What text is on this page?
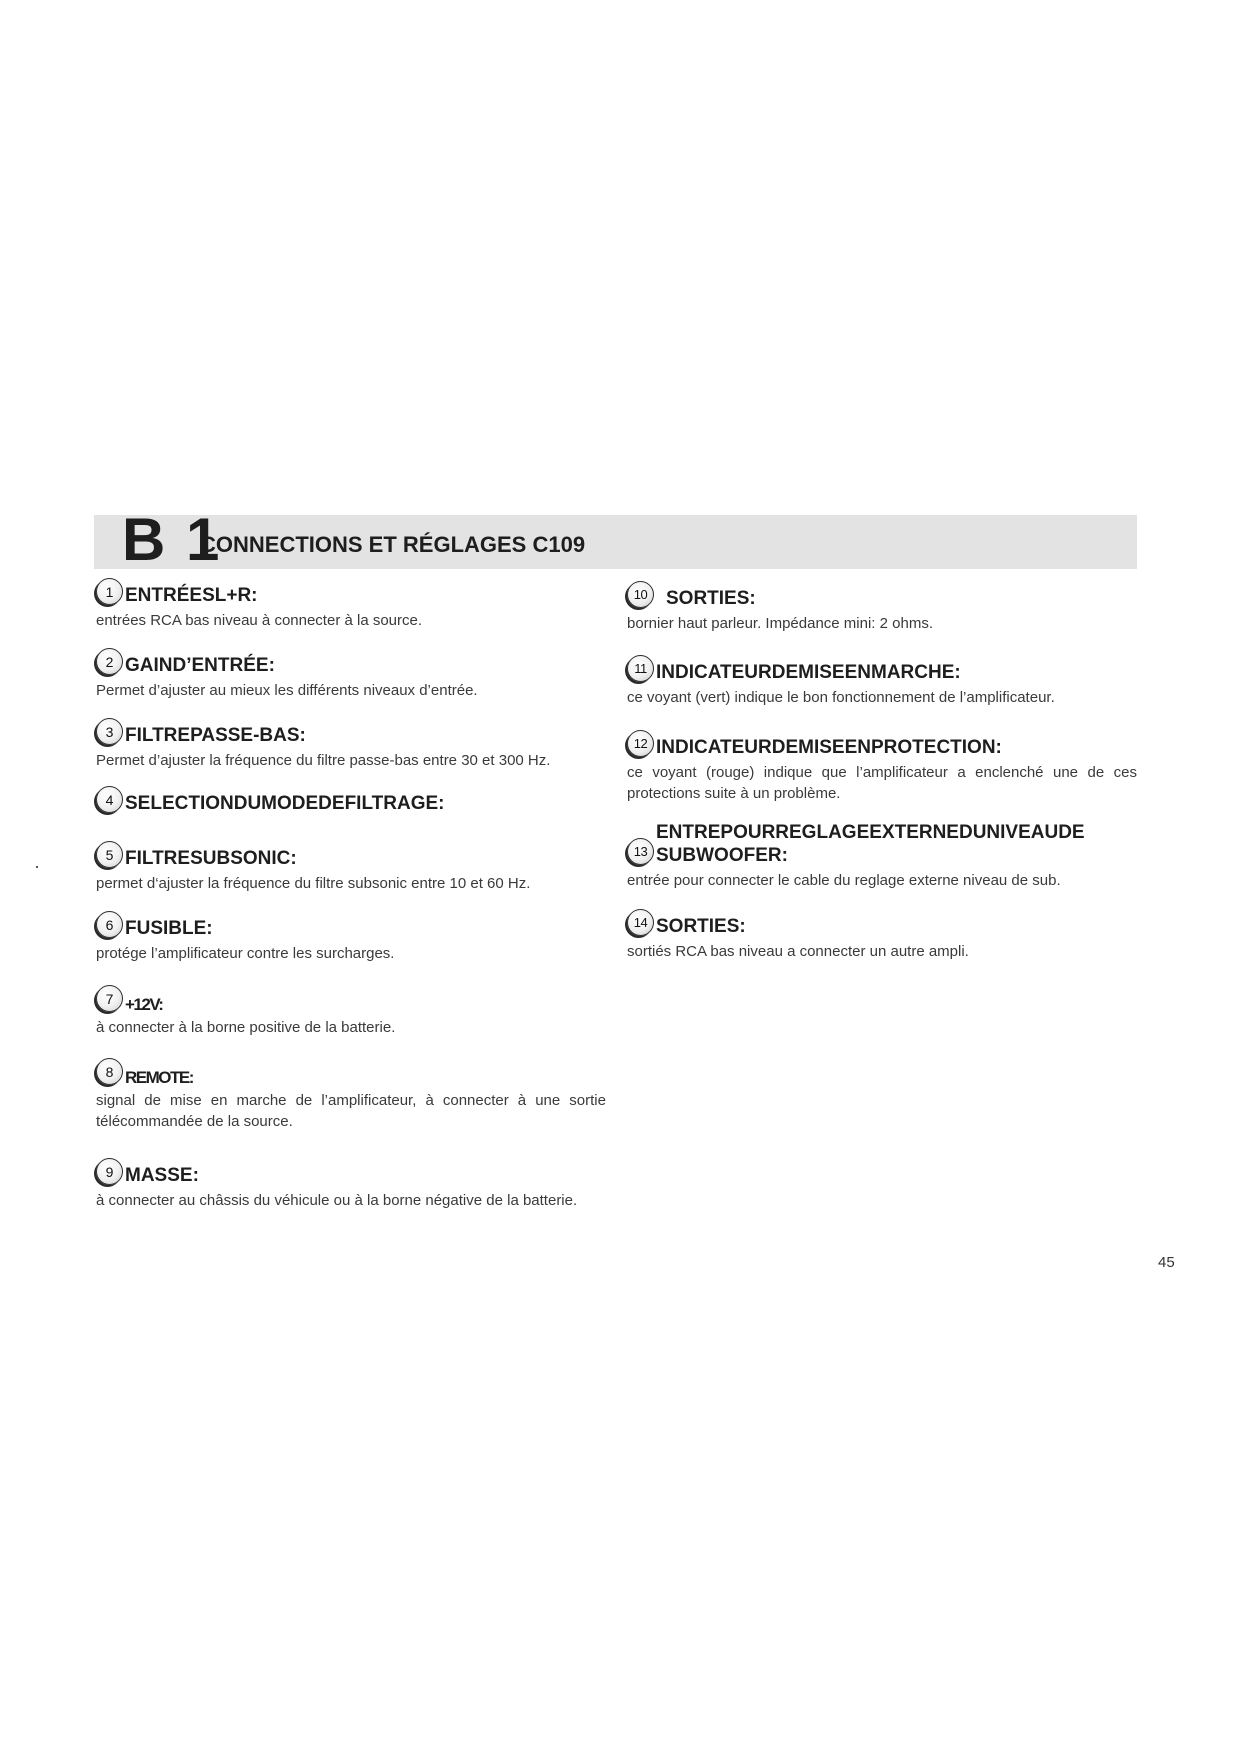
B 1
CONNECTIONS ET RÉGLAGES C109
1 ENTRÉESL+R:
entrées RCA bas niveau à connecter à la source.
2 GAIND’ENTRÉE:
Permet d’ajuster au mieux les différents niveaux d’entrée.
3 FILTREPASSE-BAS:
Permet d’ajuster la fréquence du filtre passe-bas entre 30 et 300 Hz.
4 SELECTIONDUMODEDEFILTRAGE:
5 FILTRESUBSONIC:
permet d‘ajuster la fréquence du filtre subsonic entre 10 et 60 Hz.
6 FUSIBLE:
protége l’amplificateur contre les surcharges.
7 +12V:
à connecter à la borne positive de la batterie.
8 REMOTE:
signal de mise en marche de l’amplificateur, à connecter à une sortie télécommandée de la source.
9 MASSE:
à connecter au châssis du véhicule ou à la borne négative de la batterie.
10 SORTIES:
bornier haut parleur. Impédance mini: 2 ohms.
11 INDICATEURDEMISEENMARCHE:
ce voyant (vert) indique le bon fonctionnement de l’amplificateur.
12 INDICATEURDEMISEENPROTECTION:
ce voyant (rouge) indique que l’amplificateur a enclenché une de ces protections suite à un problème.
13
ENTREPOURREGLAGEEXTERNEDUNIVEAUDE SUBWOOFER:
entrée pour connecter le cable du reglage externe niveau de sub.
14 SORTIES:
sortiés RCA bas niveau a connecter un autre ampli.
45
